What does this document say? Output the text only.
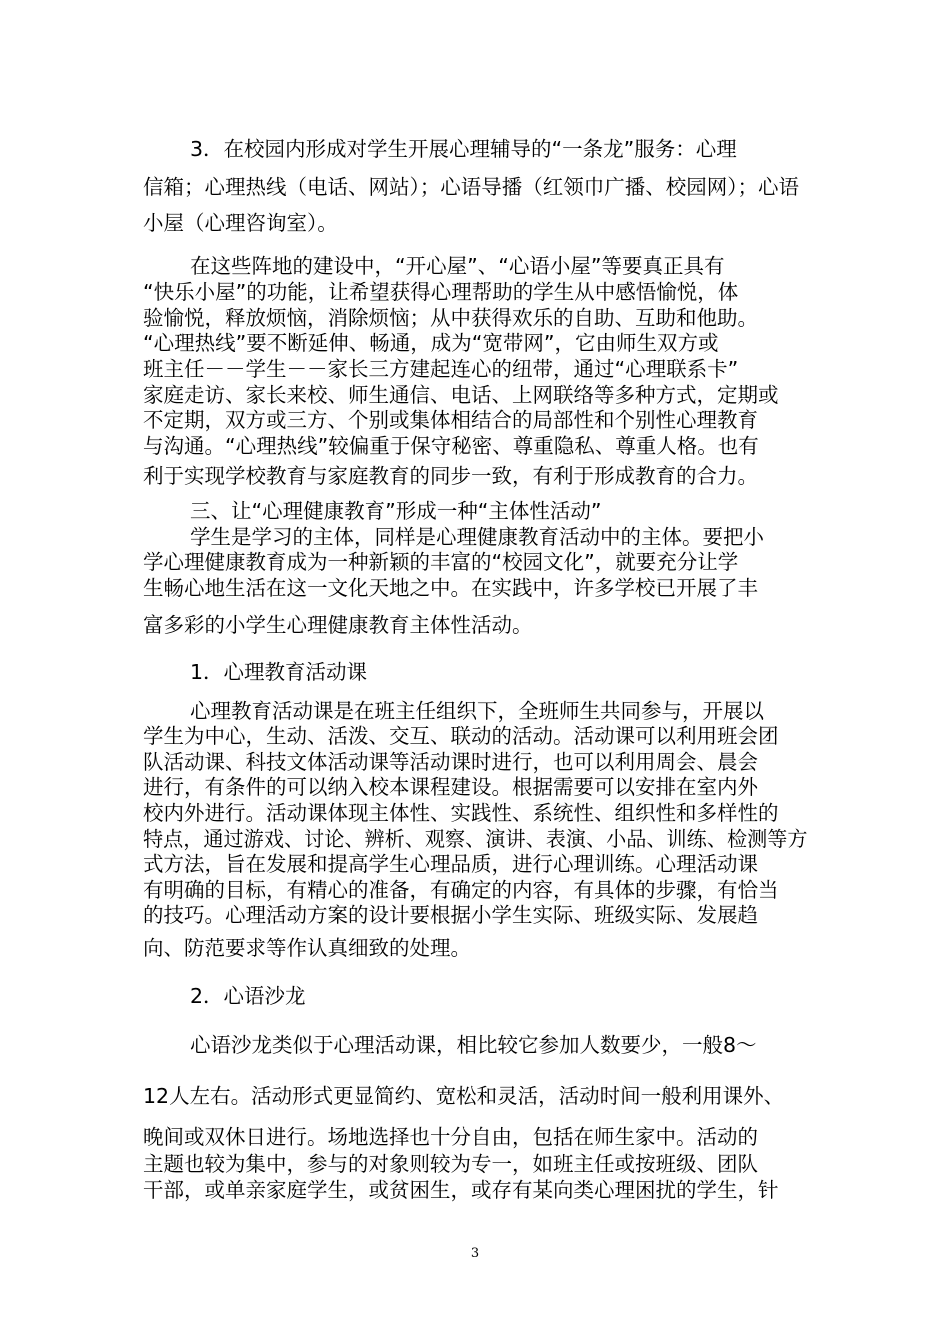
3．在校园内形成对学生开展心理辅导的“一条龙”服务：心理
信箱；心理热线（电话、网站）；心语导播（红领巾广播、校园网）；心语
小屋（心理咨询室）。
在这些阵地的建设中，“开心屋”、“心语小屋”等要真正具有
“快乐小屋”的功能，让希望获得心理帮助的学生从中感悟愉悦，体
验愉悦，释放烦恼，消除烦恼；从中获得欢乐的自助、互助和他助。
“心理热线”要不断延伸、畅通，成为“宽带网”，它由师生双方或
班主任－－学生－－家长三方建起连心的纽带，通过“心理联系卡”
家庭走访、家长来校、师生通信、电话、上网联络等多种方式，定期或
不定期，双方或三方、个别或集体相结合的局部性和个别性心理教育
与沟通。“心理热线”较偏重于保守秘密、尊重隐私、尊重人格。也有
利于实现学校教育与家庭教育的同步一致，有利于形成教育的合力。
三、让“心理健康教育”形成一种“主体性活动”
学生是学习的主体，同样是心理健康教育活动中的主体。要把小
学心理健康教育成为一种新颖的丰富的“校园文化”，就要充分让学
生畅心地生活在这一文化天地之中。在实践中，许多学校已开展了丰
富多彩的小学生心理健康教育主体性活动。
1．心理教育活动课
心理教育活动课是在班主任组织下，全班师生共同参与，开展以
学生为中心，生动、活泼、交互、联动的活动。活动课可以利用班会团
队活动课、科技文体活动课等活动课时进行，也可以利用周会、晨会
进行，有条件的可以纳入校本课程建设。根据需要可以安排在室内外
校内外进行。活动课体现主体性、实践性、系统性、组织性和多样性的
特点，通过游戏、讨论、辨析、观察、演讲、表演、小品、训练、检测等方
式方法，旨在发展和提高学生心理品质，进行心理训练。心理活动课
有明确的目标，有精心的准备，有确定的内容，有具体的步骤，有恰当
的技巧。心理活动方案的设计要根据小学生实际、班级实际、发展趋
向、防范要求等作认真细致的处理。
2．心语沙龙
心语沙龙类似于心理活动课，相比较它参加人数要少，一般8～
12人左右。活动形式更显简约、宽松和灵活，活动时间一般利用课外、
晚间或双休日进行。场地选择也十分自由，包括在师生家中。活动的
主题也较为集中，参与的对象则较为专一，如班主任或按班级、团队
干部，或单亲家庭学生，或贫困生，或存有某向类心理困扰的学生，针
3
